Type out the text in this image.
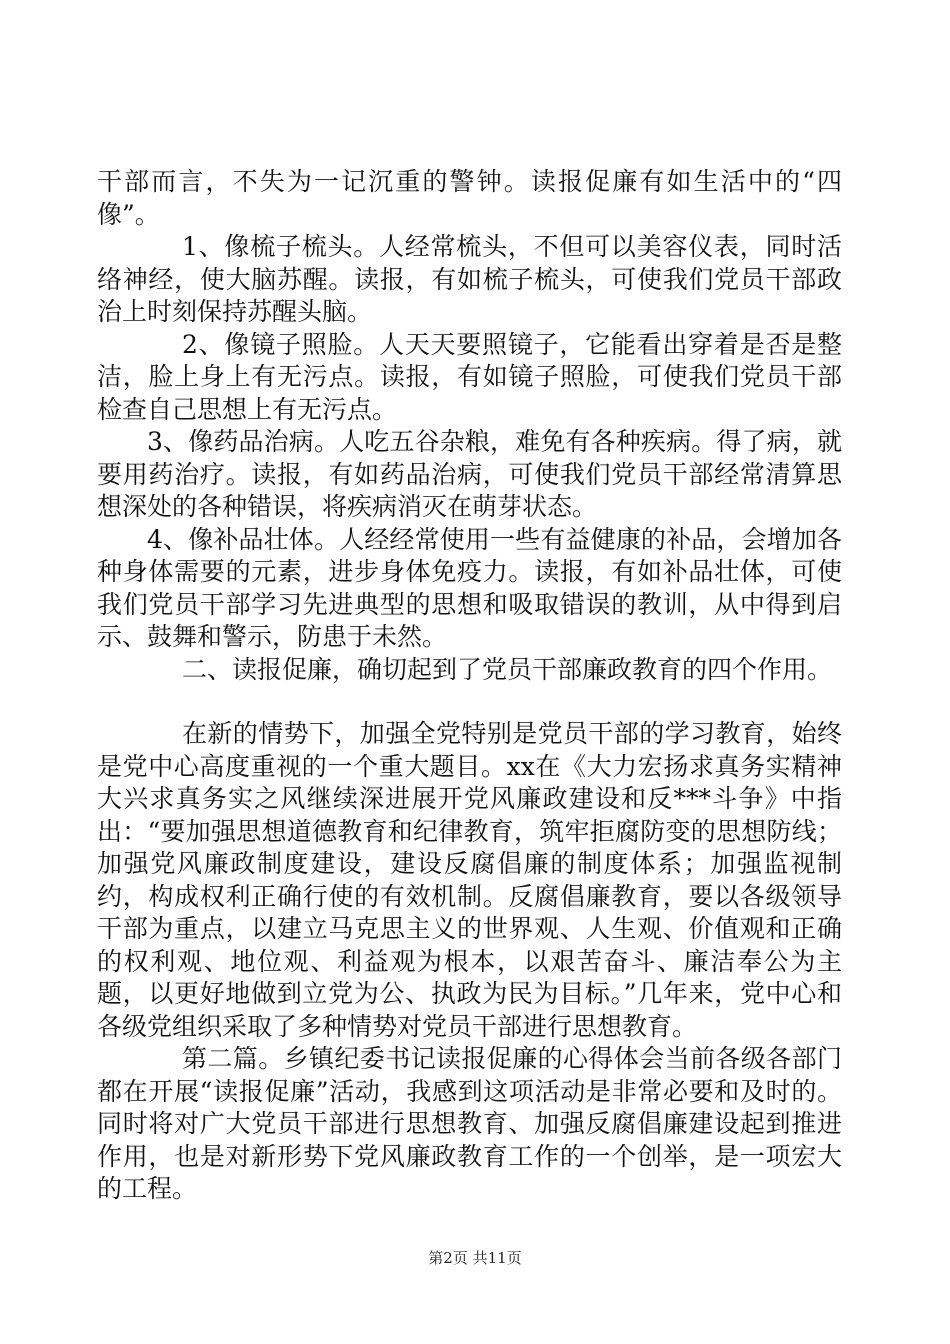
干部而言，不失为一记沉重的警钟。读报促廉有如生活中的“四像”。

1、像梳子梳头。人经常梳头，不但可以美容仪表，同时活络神经，使大脑苏醒。读报，有如梳子梳头，可使我们党员干部政治上时刻保持苏醒头脑。

2、像镜子照脸。人天天要照镜子，它能看出穿着是否是整洁，脸上身上有无污点。读报，有如镜子照脸，可使我们党员干部检查自己思想上有无污点。

3、像药品治病。人吃五谷杂粮，难免有各种疾病。得了病，就要用药治疗。读报，有如药品治病，可使我们党员干部经常清算思想深处的各种错误，将疾病消灭在萌芽状态。

4、像补品壮体。人经经常使用一些有益健康的补品，会增加各种身体需要的元素，进步身体免疫力。读报，有如补品壮体，可使我们党员干部学习先进典型的思想和吸取错误的教训，从中得到启示、鼓舞和警示，防患于未然。

二、读报促廉，确切起到了党员干部廉政教育的四个作用。

在新的情势下，加强全党特别是党员干部的学习教育，始终是党中心高度重视的一个重大题目。xx在《大力宏扬求真务实精神大兴求真务实之风继续深进展开党风廉政建设和反***斗争》中指出：“要加强思想道德教育和纪律教育，筑牢拒腐防变的思想防线；加强党风廉政制度建设，建设反腐倡廉的制度体系；加强监视制约，构成权利正确行使的有效机制。反腐倡廉教育，要以各级领导干部为重点，以建立马克思主义的世界观、人生观、价值观和正确的权利观、地位观、利益观为根本，以艰苦奋斗、廉洁奉公为主题，以更好地做到立党为公、执政为民为目标。”几年来，党中心和各级党组织采取了多种情势对党员干部进行思想教育。

第二篇。乡镇纪委书记读报促廉的心得体会当前各级各部门都在开展“读报促廉”活动，我感到这项活动是非常必要和及时的。同时将对广大党员干部进行思想教育、加强反腐倡廉建设起到推进作用，也是对新形势下党风廉政教育工作的一个创举，是一项宏大的工程。

第2页 共11页
